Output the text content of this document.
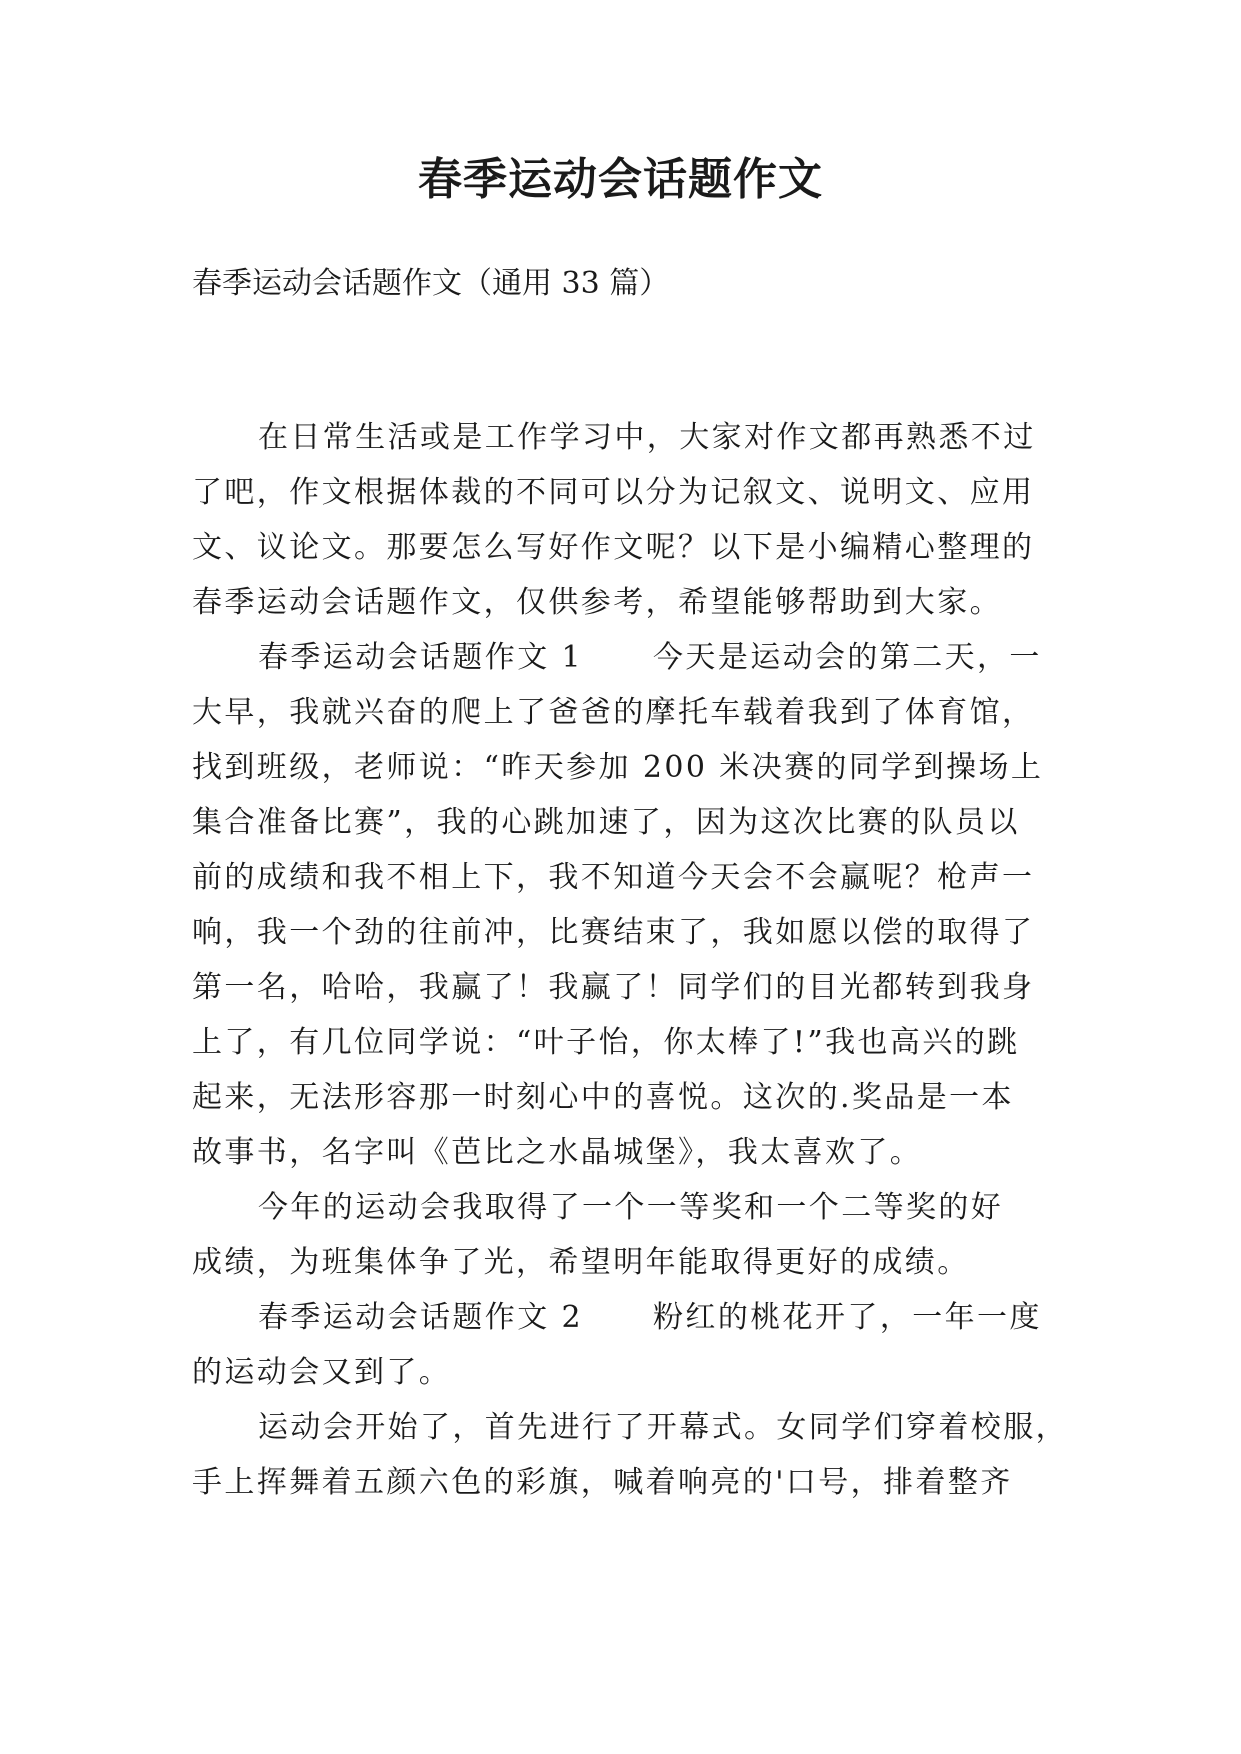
春季运动会话题作文
春季运动会话题作文（通用 33 篇）
在日常生活或是工作学习中，大家对作文都再熟悉不过
了吧，作文根据体裁的不同可以分为记叙文、说明文、应用
文、议论文。那要怎么写好作文呢？以下是小编精心整理的
春季运动会话题作文，仅供参考，希望能够帮助到大家。
春季运动会话题作文 1 今天是运动会的第二天，一
大早，我就兴奋的爬上了爸爸的摩托车载着我到了体育馆，
找到班级，老师说：“昨天参加 200 米决赛的同学到操场上
集合准备比赛”，我的心跳加速了，因为这次比赛的队员以
前的成绩和我不相上下，我不知道今天会不会赢呢？枪声一
响，我一个劲的往前冲，比赛结束了，我如愿以偿的取得了
第一名，哈哈，我赢了！我赢了！同学们的目光都转到我身
上了，有几位同学说：“叶子怡，你太棒了!”我也高兴的跳
起来，无法形容那一时刻心中的喜悦。这次的.奖品是一本
故事书，名字叫《芭比之水晶城堡》，我太喜欢了。
今年的运动会我取得了一个一等奖和一个二等奖的好
成绩，为班集体争了光，希望明年能取得更好的成绩。
春季运动会话题作文 2 粉红的桃花开了，一年一度
的运动会又到了。
运动会开始了，首先进行了开幕式。女同学们穿着校服，
手上挥舞着五颜六色的彩旗，喊着响亮的'口号，排着整齐
